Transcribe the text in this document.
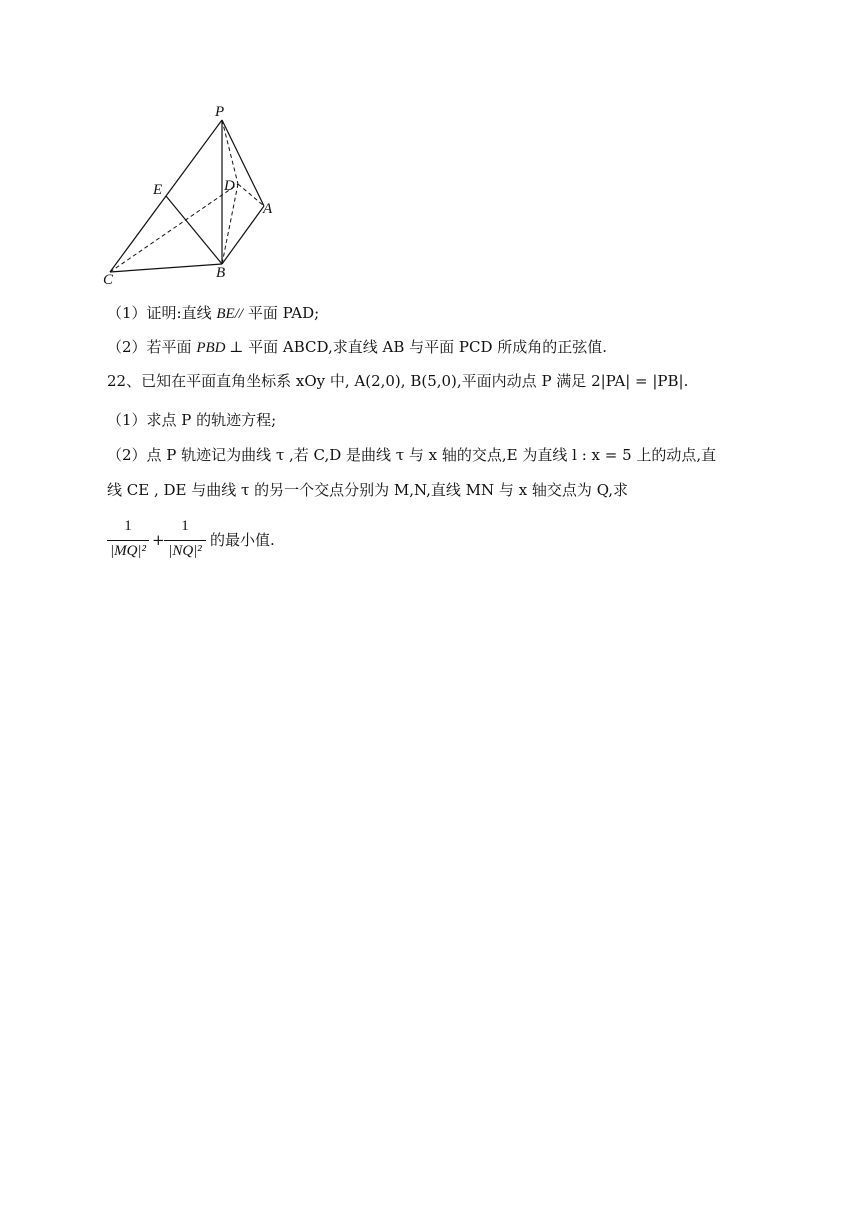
P
E	D
A
C	B
（1）证明:直线 BE// 平面 PAD;
（2）若平面 PBD ⊥ 平面 ABCD,求直线 AB 与平面 PCD 所成角的正弦值.
22、已知在平面直角坐标系 xOy 中, A(2,0), B(5,0),平面内动点 P 满足 2|PA| = |PB|.
（1）求点 P 的轨迹方程;
（2）点 P 轨迹记为曲线 τ ,若 C,D 是曲线 τ 与 x 轴的交点,E 为直线 l : x = 5 上的动点,直
线 CE , DE 与曲线 τ 的另一个交点分别为 M,N,直线 MN 与 x 轴交点为 Q,求
1
|MQ|²
+
1
|NQ|²
的最小值.
